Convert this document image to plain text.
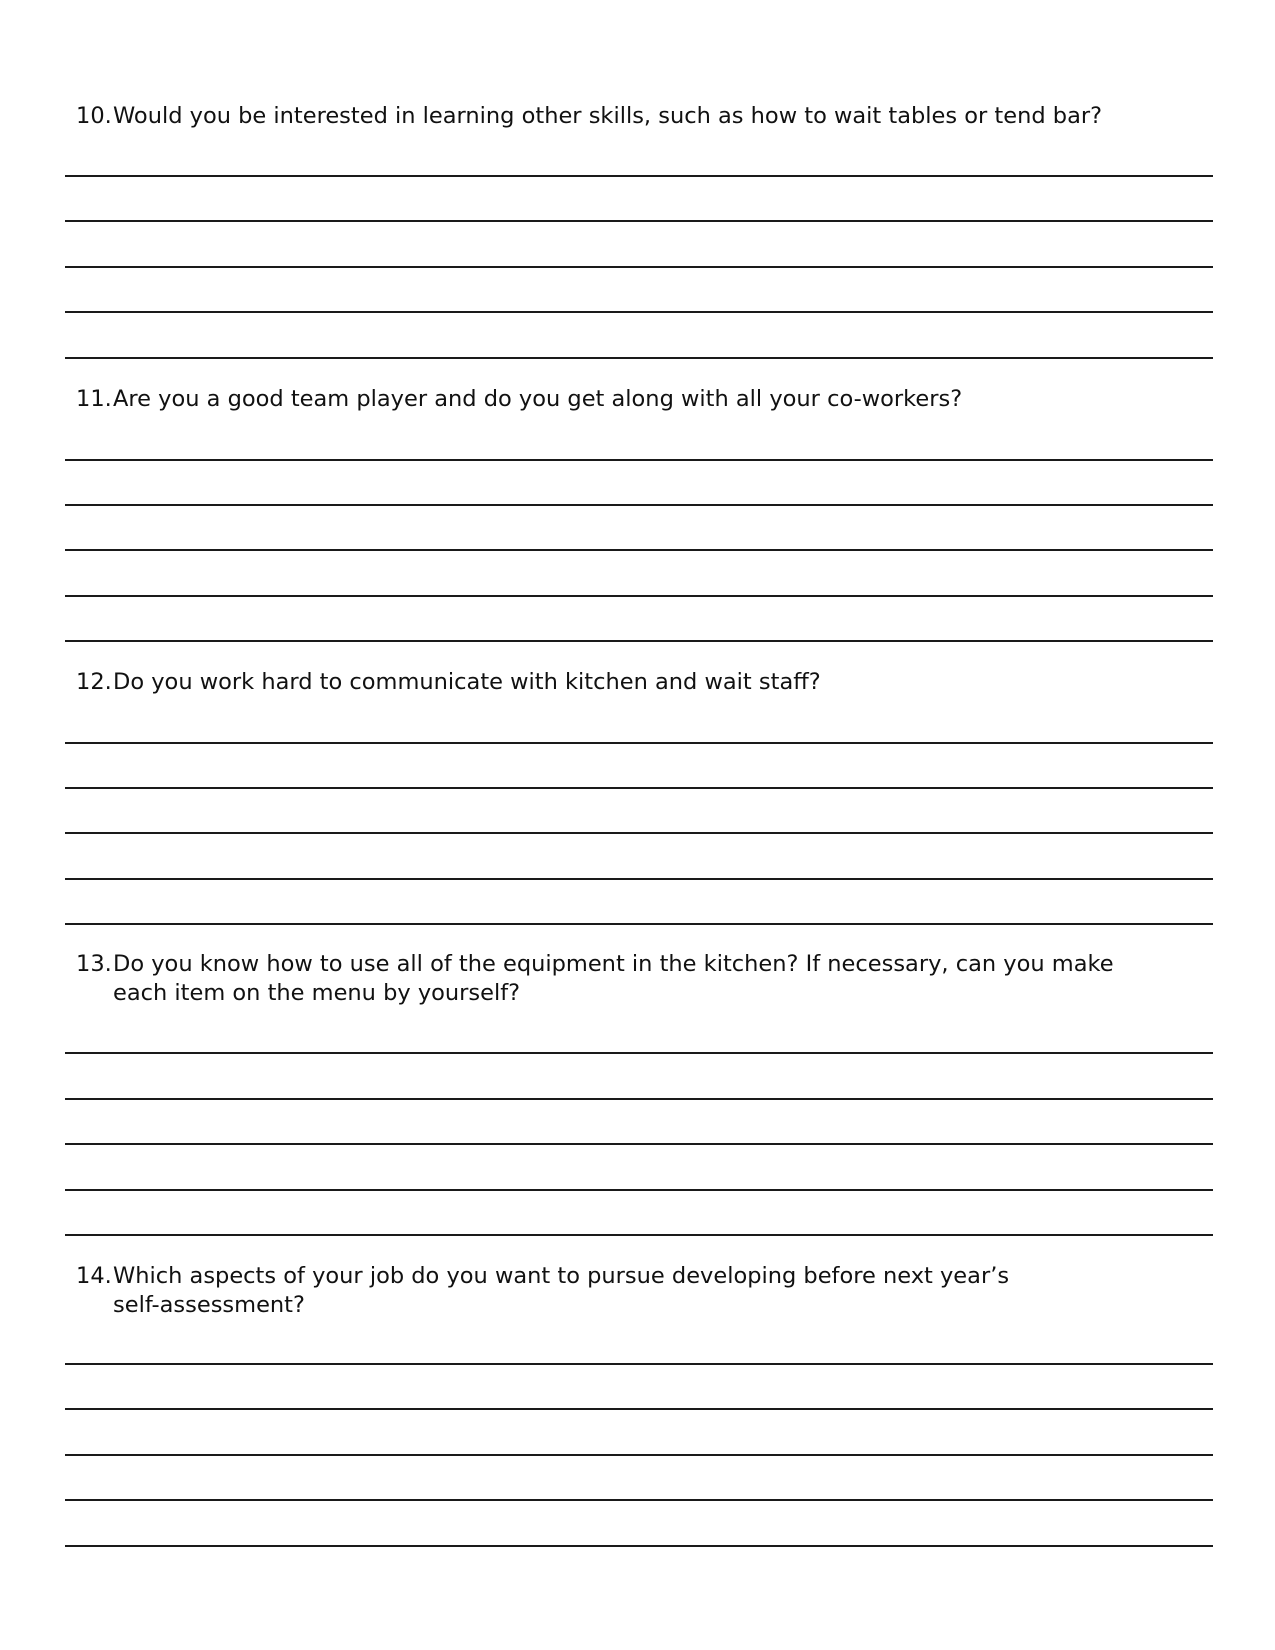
10.Would you be interested in learning other skills, such as how to wait tables or tend bar?
11.Are you a good team player and do you get along with all your co-workers?
12.Do you work hard to communicate with kitchen and wait staff?
13.Do you know how to use all of the equipment in the kitchen? If necessary, can you make
each item on the menu by yourself?
14.Which aspects of your job do you want to pursue developing before next year’s
self-assessment?
